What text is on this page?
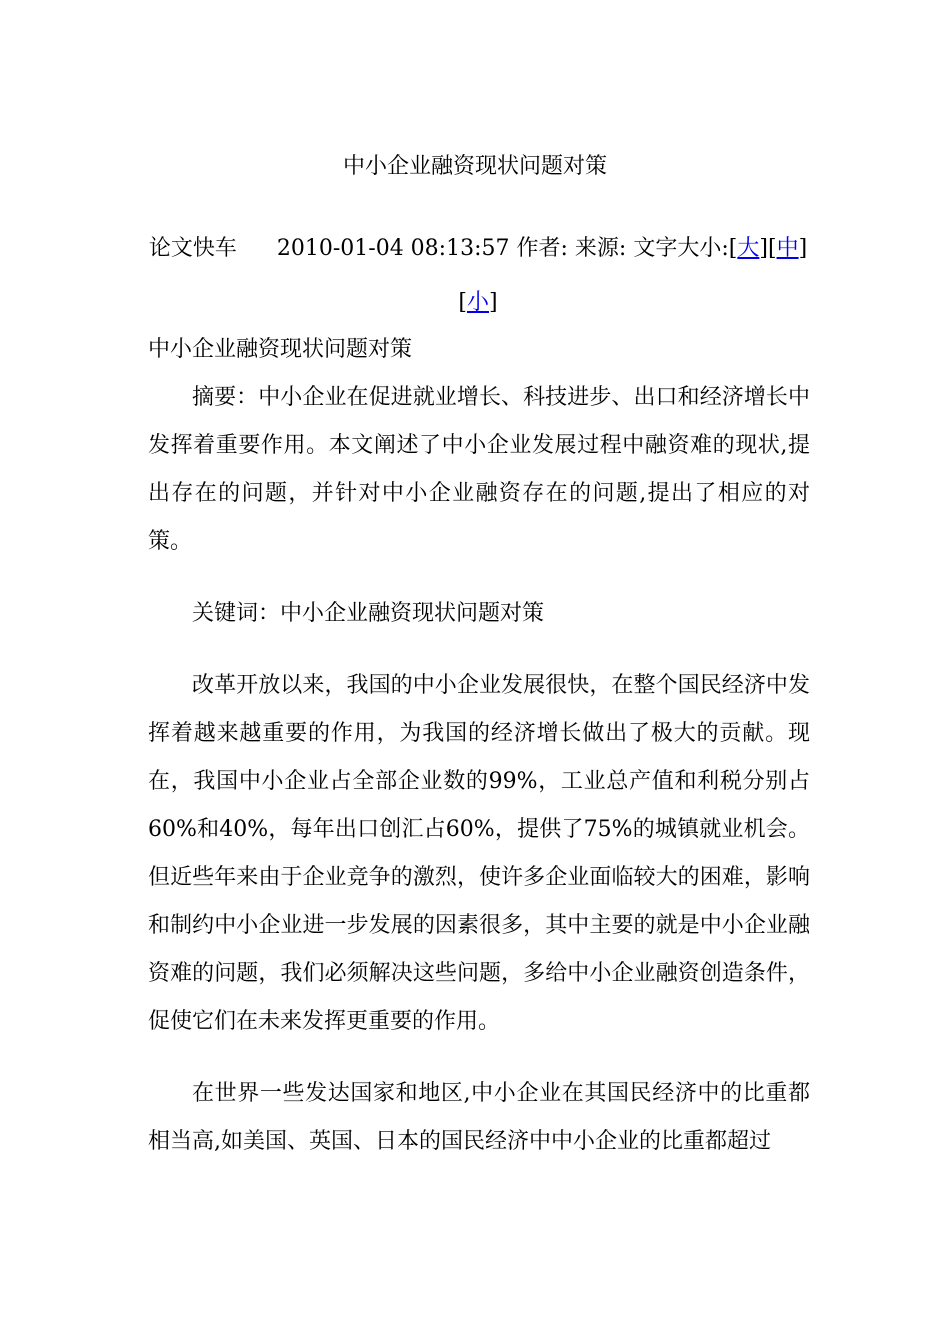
中小企业融资现状问题对策
论文快车 2010-01-04 08:13:57 作者: 来源: 文字大小:[大][中][小]

中小企业融资现状问题对策

摘要：中小企业在促进就业增长、科技进步、出口和经济增长中发挥着重要作用。本文阐述了中小企业发展过程中融资难的现状,提出存在的问题，并针对中小企业融资存在的问题,提出了相应的对策。

关键词：中小企业融资现状问题对策

改革开放以来，我国的中小企业发展很快，在整个国民经济中发挥着越来越重要的作用，为我国的经济增长做出了极大的贡献。现在，我国中小企业占全部企业数的99%，工业总产值和利税分别占60%和40%，每年出口创汇占60%，提供了75%的城镇就业机会。但近些年来由于企业竞争的激烈，使许多企业面临较大的困难，影响和制约中小企业进一步发展的因素很多，其中主要的就是中小企业融资难的问题，我们必须解决这些问题，多给中小企业融资创造条件，促使它们在未来发挥更重要的作用。

在世界一些发达国家和地区,中小企业在其国民经济中的比重都相当高,如美国、英国、日本的国民经济中中小企业的比重都超过
